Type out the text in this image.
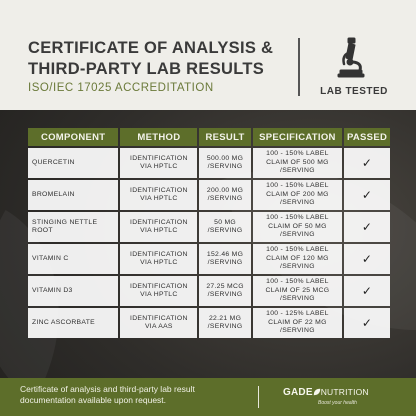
CERTIFICATE OF ANALYSIS & THIRD-PARTY LAB RESULTS
ISO/IEC 17025 ACCREDITATION	LAB TESTED
COMPONENT	METHOD	RESULT	SPECIFICATION	PASSED
QUERCETIN	IDENTIFICATION VIA HPTLC	500.00 MG /SERVING	100 - 150% LABEL CLAIM OF 500 MG /SERVING	✓
BROMELAIN	IDENTIFICATION VIA HPTLC	200.00 MG /SERVING	100 - 150% LABEL CLAIM OF 200 MG /SERVING	✓
STINGING NETTLE ROOT	IDENTIFICATION VIA HPTLC	50 MG /SERVING	100 - 150% LABEL CLAIM OF 50 MG /SERVING	✓
VITAMIN C	IDENTIFICATION VIA HPTLC	152.46 MG /SERVING	100 - 150% LABEL CLAIM OF 120 MG /SERVING	✓
VITAMIN D3	IDENTIFICATION VIA HPTLC	27.25 MCG /SERVING	100 - 150% LABEL CLAIM OF 25 MCG /SERVING	✓
ZINC ASCORBATE	IDENTIFICATION VIA AAS	22.21 MG /SERVING	100 - 125% LABEL CLAIM OF 22 MG /SERVING	✓
Certificate of analysis and third-party lab result documentation available upon request.
GADE NUTRITION
Boost your health
